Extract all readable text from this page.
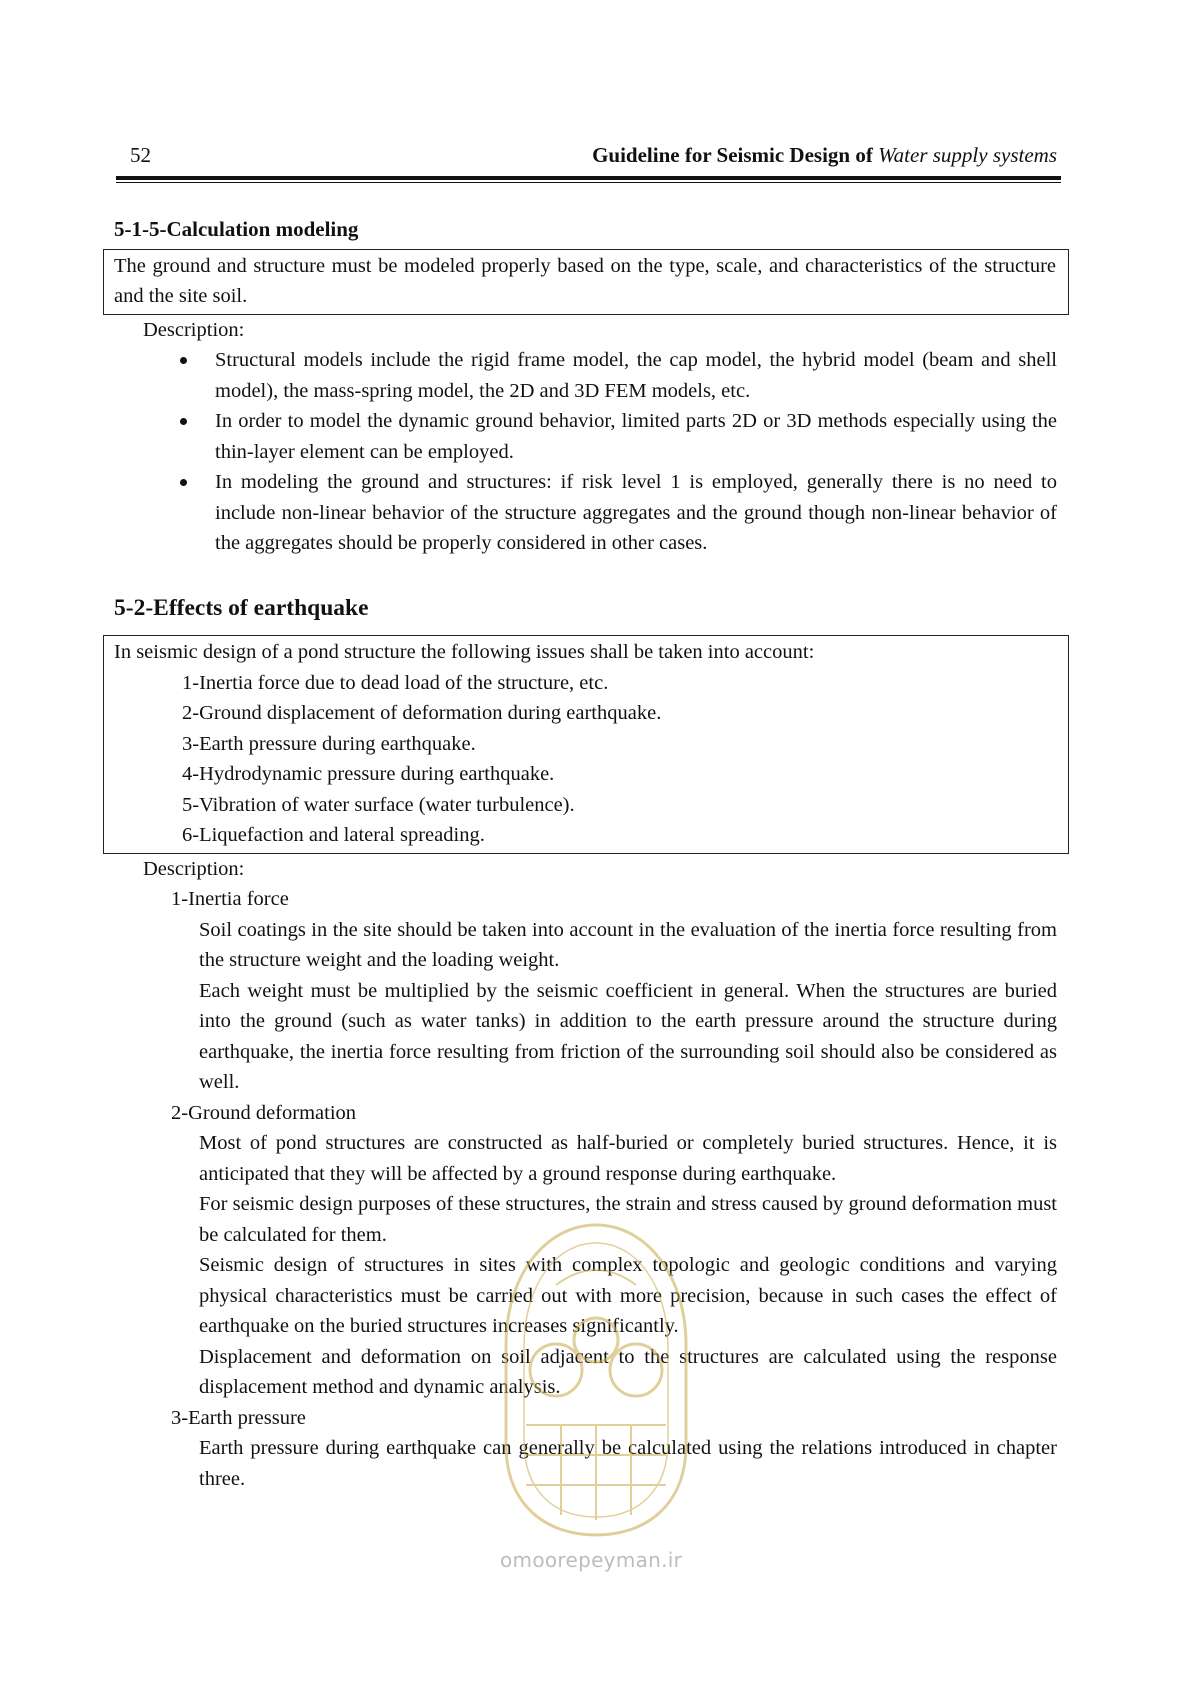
52	Guideline for Seismic Design of Water supply systems
5-1-5-Calculation modeling
The ground and structure must be modeled properly based on the type, scale, and characteristics of the structure and the site soil.
Description:
Structural models include the rigid frame model, the cap model, the hybrid model (beam and shell model), the mass-spring model, the 2D and 3D FEM models, etc.
In order to model the dynamic ground behavior, limited parts 2D or 3D methods especially using the thin-layer element can be employed.
In modeling the ground and structures: if risk level 1 is employed, generally there is no need to include non-linear behavior of the structure aggregates and the ground though non-linear behavior of the aggregates should be properly considered in other cases.
5-2-Effects of earthquake
In seismic design of a pond structure the following issues shall be taken into account:
1-Inertia force due to dead load of the structure, etc.
2-Ground displacement of deformation during earthquake.
3-Earth pressure during earthquake.
4-Hydrodynamic pressure during earthquake.
5-Vibration of water surface (water turbulence).
6-Liquefaction and lateral spreading.
Description:
1-Inertia force
Soil coatings in the site should be taken into account in the evaluation of the inertia force resulting from the structure weight and the loading weight.
Each weight must be multiplied by the seismic coefficient in general. When the structures are buried into the ground (such as water tanks) in addition to the earth pressure around the structure during earthquake, the inertia force resulting from friction of the surrounding soil should also be considered as well.
2-Ground deformation
Most of pond structures are constructed as half-buried or completely buried structures. Hence, it is anticipated that they will be affected by a ground response during earthquake.
For seismic design purposes of these structures, the strain and stress caused by ground deformation must be calculated for them.
Seismic design of structures in sites with complex topologic and geologic conditions and varying physical characteristics must be carried out with more precision, because in such cases the effect of earthquake on the buried structures increases significantly.
Displacement and deformation on soil adjacent to the structures are calculated using the response displacement method and dynamic analysis.
3-Earth pressure
Earth pressure during earthquake can generally be calculated using the relations introduced in chapter three.
omoorepeyman.ir
